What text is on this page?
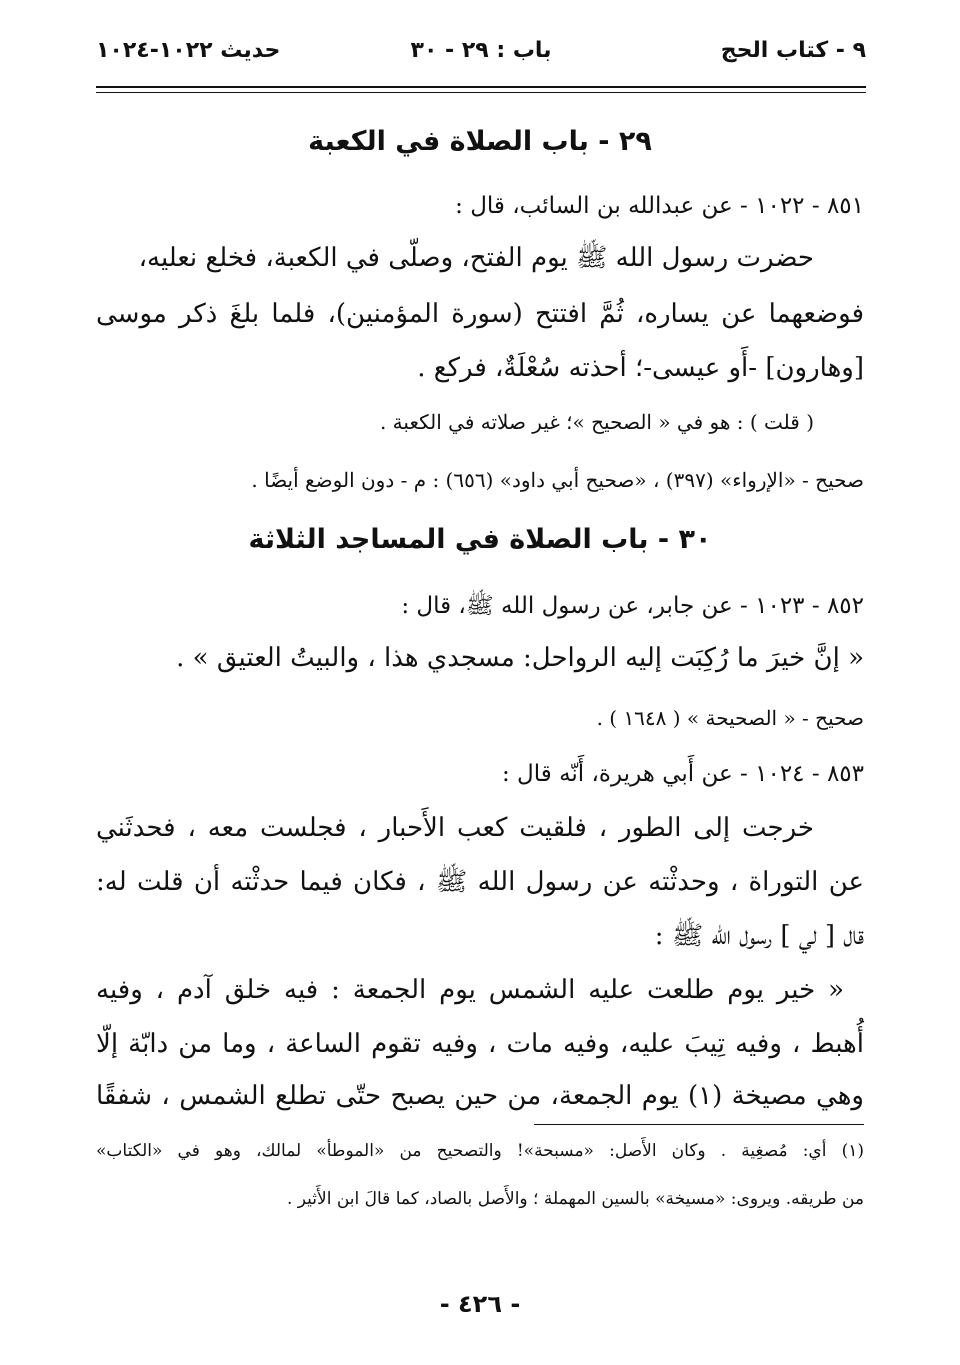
٩ - كتاب الحج
باب : ٢٩ - ٣٠
حديث ١٠٢٢-١٠٢٤
٢٩ - باب الصلاة في الكعبة
٨٥١ - ١٠٢٢ - عن عبدالله بن السائب، قال :
حضرت رسول الله ﷺ يوم الفتح، وصلّى في الكعبة، فخلع نعليه،
فوضعهما عن يساره، ثُمَّ افتتح (سورة المؤمنين)، فلما بلغَ ذكر موسى
[وهارون] -أَو عيسى-؛ أحذته سُعْلَةٌ، فركع .
( قلت ) : هو في « الصحيح »؛ غير صلاته في الكعبة .
صحيح - «الإرواء» (٣٩٧) ، «صحيح أبي داود» (٦٥٦) : م - دون الوضع أيضًا .
٣٠ - باب الصلاة في المساجد الثلاثة
٨٥٢ - ١٠٢٣ - عن جابر، عن رسول الله ﷺ، قال :
« إنَّ خيرَ ما رُكِبَت إليه الرواحل: مسجدي هذا ، والبيتُ العتيق » .
صحيح - « الصحيحة » ( ١٦٤٨ ) .
٨٥٣ - ١٠٢٤ - عن أَبي هريرة، أَنّه قال :
خرجت إلى الطور ، فلقيت كعب الأَحبار ، فجلست معه ، فحدثَني
عن التوراة ، وحدثْته عن رسول الله ﷺ ، فكان فيما حدثْته أن قلت له:
قال [ لي ] رسول الله ﷺ :
« خير يوم طلعت عليه الشمس يوم الجمعة : فيه خلق آدم ، وفيه
أُهبط ، وفيه تِيبَ عليه، وفيه مات ، وفيه تقوم الساعة ، وما من دابّة إلّا
وهي مصيخة (١) يوم الجمعة، من حين يصبح حتّى تطلع الشمس ، شفقًا
(١) أي: مُصغِية . وكان الأَصل: «مسبحة»! والتصحيح من «الموطأ» لمالك، وهو في «الكتاب»
من طريقه. ويروى: «مسيخة» بالسين المهملة ؛ والأَصل بالصاد، كما قالَ ابن الأَثير .
- ٤٢٦ -
